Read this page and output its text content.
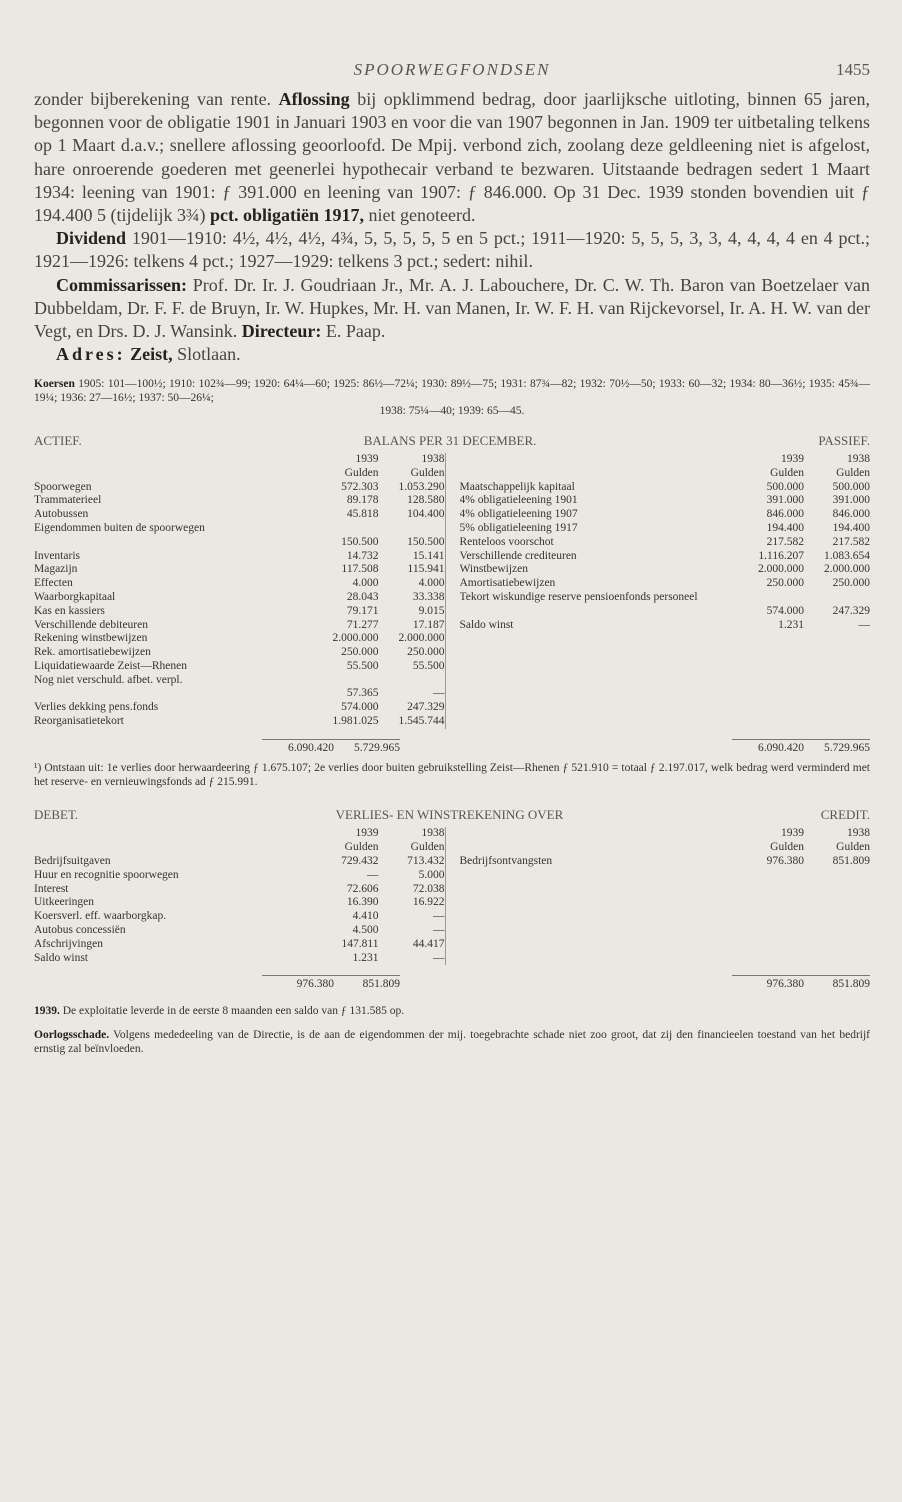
SPOORWEGFONDSEN	1455

zonder bijberekening van rente. Aflossing bij opklimmend bedrag, door jaarlijksche uitloting, binnen 65 jaren, begonnen voor de obligatie 1901 in Januari 1903 en voor die van 1907 begonnen in Jan. 1909 ter uitbetaling telkens op 1 Maart d.a.v.; snellere aflossing geoorloofd. De Mpij. verbond zich, zoolang deze geldleening niet is afgelost, hare onroerende goederen met geenerlei hypothecair verband te bezwaren. Uitstaande bedragen sedert 1 Maart 1934: leening van 1901: ƒ 391.000 en leening van 1907: ƒ 846.000. Op 31 Dec. 1939 stonden bovendien uit ƒ 194.400 5 (tijdelijk 3¾) pct. obligatiën 1917, niet genoteerd.

Dividend 1901—1910: 4½, 4½, 4½, 4¾, 5, 5, 5, 5, 5 en 5 pct.; 1911—1920: 5, 5, 5, 3, 3, 4, 4, 4, 4 en 4 pct.; 1921—1926: telkens 4 pct.; 1927—1929: telkens 3 pct.; sedert: nihil.

Commissarissen: Prof. Dr. Ir. J. Goudriaan Jr., Mr. A. J. Labouchere, Dr. C. W. Th. Baron van Boetzelaer van Dubbeldam, Dr. F. F. de Bruyn, Ir. W. Hupkes, Mr. H. van Manen, Ir. W. F. H. van Rijckevorsel, Ir. A. H. W. van der Vegt, en Drs. D. J. Wansink. Directeur: E. Paap.

Adres: Zeist, Slotlaan.

Koersen 1905: 101—100½; 1910: 102¾—99; 1920: 64¼—60; 1925: 86½—72¼; 1930: 89½—75; 1931: 87¾—82; 1932: 70½—50; 1933: 60—32; 1934: 80—36½; 1935: 45¾—19¼; 1936: 27—16½; 1937: 50—26¼;
1938: 75¼—40; 1939: 65—45.
ACTIEF.	BALANS PER 31 DECEMBER.	PASSIEF.
1939	1938
Gulden	Gulden
Spoorwegen	572.303	1.053.290
Trammaterieel	89.178	128.580
Autobussen	45.818	104.400
Eigendommen buiten de spoorwegen
150.500	150.500
Inventaris	14.732	15.141
Magazijn	117.508	115.941
Effecten	4.000	4.000
Waarborgkapitaal	28.043	33.338
Kas en kassiers	79.171	9.015
Verschillende debiteuren	71.277	17.187
Rekening winstbewijzen	2.000.000	2.000.000
Rek. amortisatiebewijzen	250.000	250.000
Liquidatiewaarde Zeist—Rhenen	55.500	55.500
Nog niet verschuld. afbet. verpl.
57.365	—
Verlies dekking pens.fonds	574.000	247.329
Reorganisatietekort	1.981.025	1.545.744
1939	1938
Gulden	Gulden
Maatschappelijk kapitaal	500.000	500.000
4% obligatieleening 1901	391.000	391.000
4% obligatieleening 1907	846.000	846.000
5% obligatieleening 1917	194.400	194.400
Renteloos voorschot	217.582	217.582
Verschillende crediteuren	1.116.207	1.083.654
Winstbewijzen	2.000.000	2.000.000
Amortisatiebewijzen	250.000	250.000
Tekort wiskundige reserve pensioenfonds personeel
574.000	247.329
Saldo winst	1.231	—
6.090.420	5.729.965	6.090.420	5.729.965
¹) Ontstaan uit: 1e verlies door herwaardeering ƒ 1.675.107; 2e verlies door buiten gebruikstelling Zeist—Rhenen ƒ 521.910 = totaal ƒ 2.197.017, welk bedrag werd verminderd met het reserve- en vernieuwingsfonds ad ƒ 215.991.
DEBET.	VERLIES- EN WINSTREKENING OVER	CREDIT.
1939	1938
Gulden	Gulden
Bedrijfsuitgaven	729.432	713.432
Huur en recognitie spoorwegen	—	5.000
Interest	72.606	72.038
Uitkeeringen	16.390	16.922
Koersverl. eff. waarborgkap.	4.410	—
Autobus concessiën	4.500	—
Afschrijvingen	147.811	44.417
Saldo winst	1.231	—
1939	1938
Gulden	Gulden
Bedrijfsontvangsten	976.380	851.809
976.380	851.809	976.380	851.809
1939. De exploitatie leverde in de eerste 8 maanden een saldo van ƒ 131.585 op.
Oorlogsschade. Volgens mededeeling van de Directie, is de aan de eigendommen der mij. toegebrachte schade niet zoo groot, dat zij den financieelen toestand van het bedrijf ernstig zal beïnvloeden.
